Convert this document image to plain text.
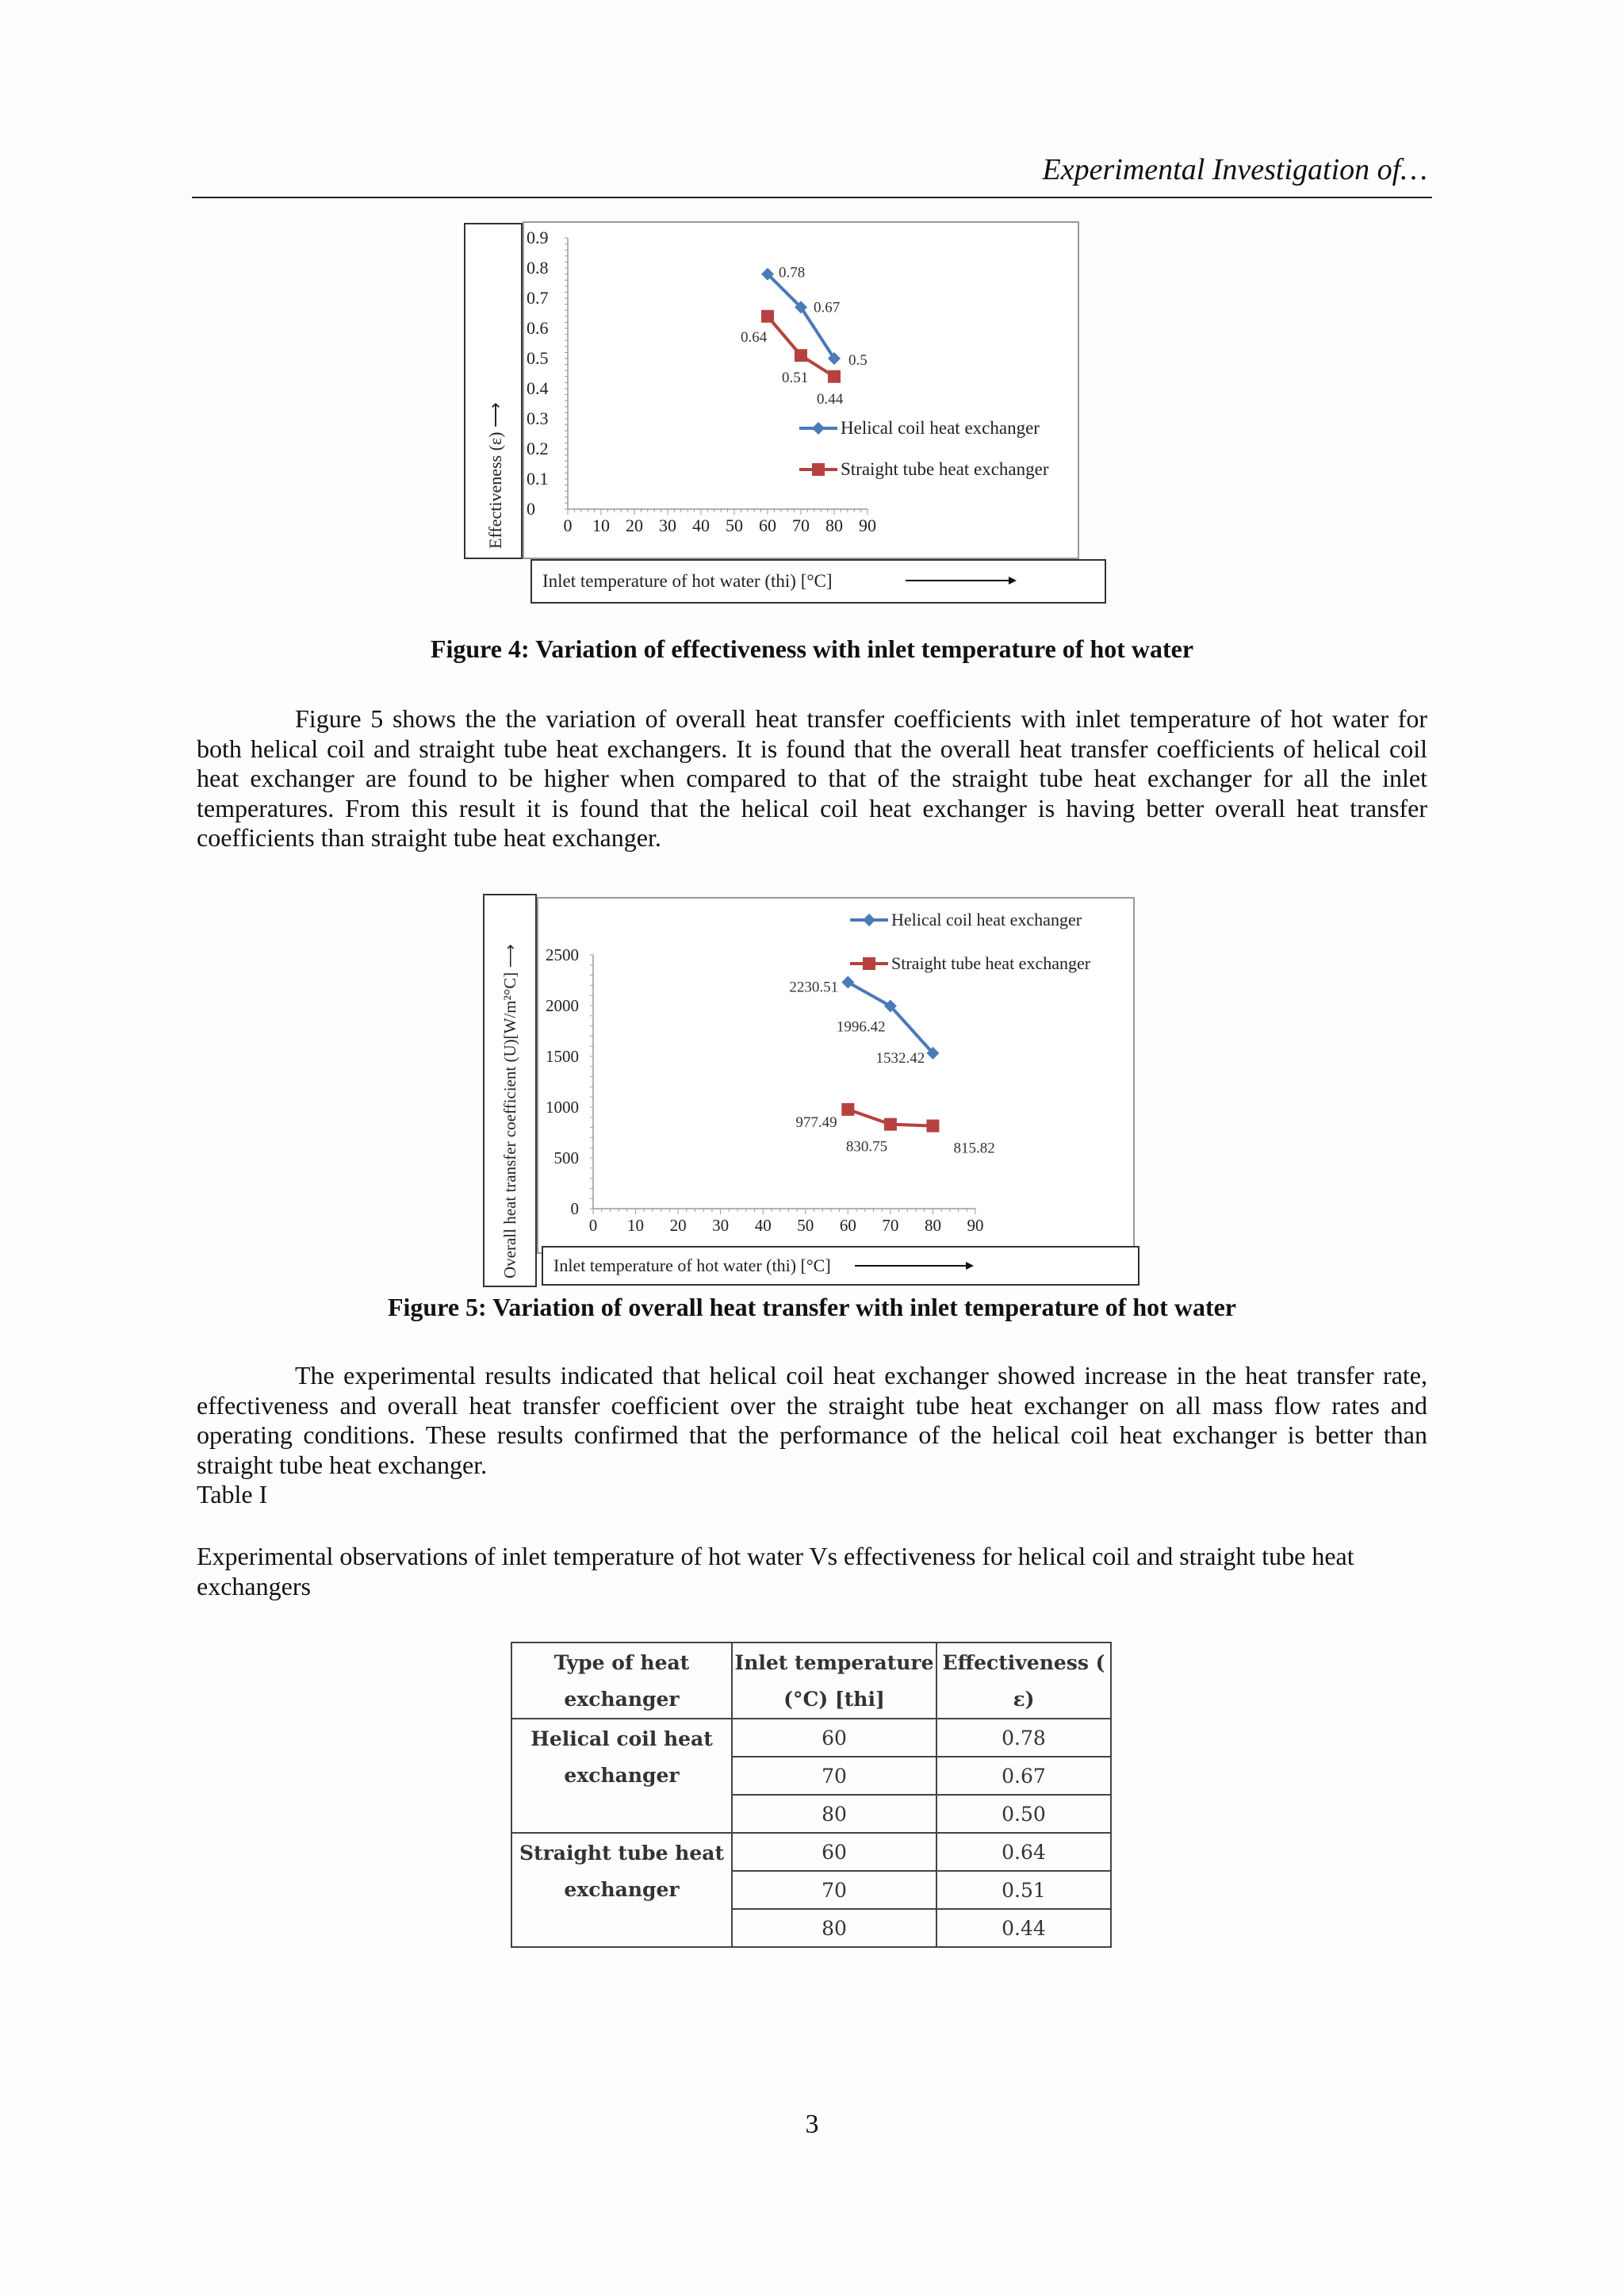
Experimental Investigation of…
Effectiveness (ε) ⟶	0 10 20 30 40 50 60 70 80 90
0
0.1
0.2
0.3
0.4
0.5
0.6
0.7
0.8
0.9
0.78
0.67
0.5
0.64
0.51
0.44
Helical coil heat exchanger
Straight tube heat exchanger
Inlet temperature of hot water (thi) [°C]
Figure 4: Variation of effectiveness with inlet temperature of hot water
Figure 5 shows the the variation of overall heat transfer coefficients with inlet temperature of hot water for both helical coil and straight tube heat exchangers. It is found that the overall heat transfer coefficients of helical coil heat exchanger are found to be higher when compared to that of the straight tube heat exchanger for all the inlet temperatures. From this result it is found that the helical coil heat exchanger is having better overall heat transfer coefficients than straight tube heat exchanger.
Overall heat transfer coefficient (U)[W/m²°C] ⟶	0 10 20 30 40 50 60 70 80 90
0
500
1000
1500
2000
2500
2230.51
1996.42
1532.42
977.49
830.75	815.82
Helical coil heat exchanger
Straight tube heat exchanger
Inlet temperature of hot water (thi) [°C]
Figure 5: Variation of overall heat transfer with inlet temperature of hot water
The experimental results indicated that helical coil heat exchanger showed increase in the heat transfer rate, effectiveness and overall heat transfer coefficient over the straight tube heat exchanger on all mass flow rates and operating conditions. These results confirmed that the performance of the helical coil heat exchanger is better than straight tube heat exchanger.
Table I
Experimental observations of inlet temperature of hot water Vs effectiveness for helical coil and straight tube heat exchangers
Type of heat exchanger	Inlet temperature (°C) [thi]	Effectiveness ( ε)
Helical coil heat exchanger	60	0.78
	70	0.67
	80	0.50
Straight tube heat exchanger	60	0.64
	70	0.51
	80	0.44
3
